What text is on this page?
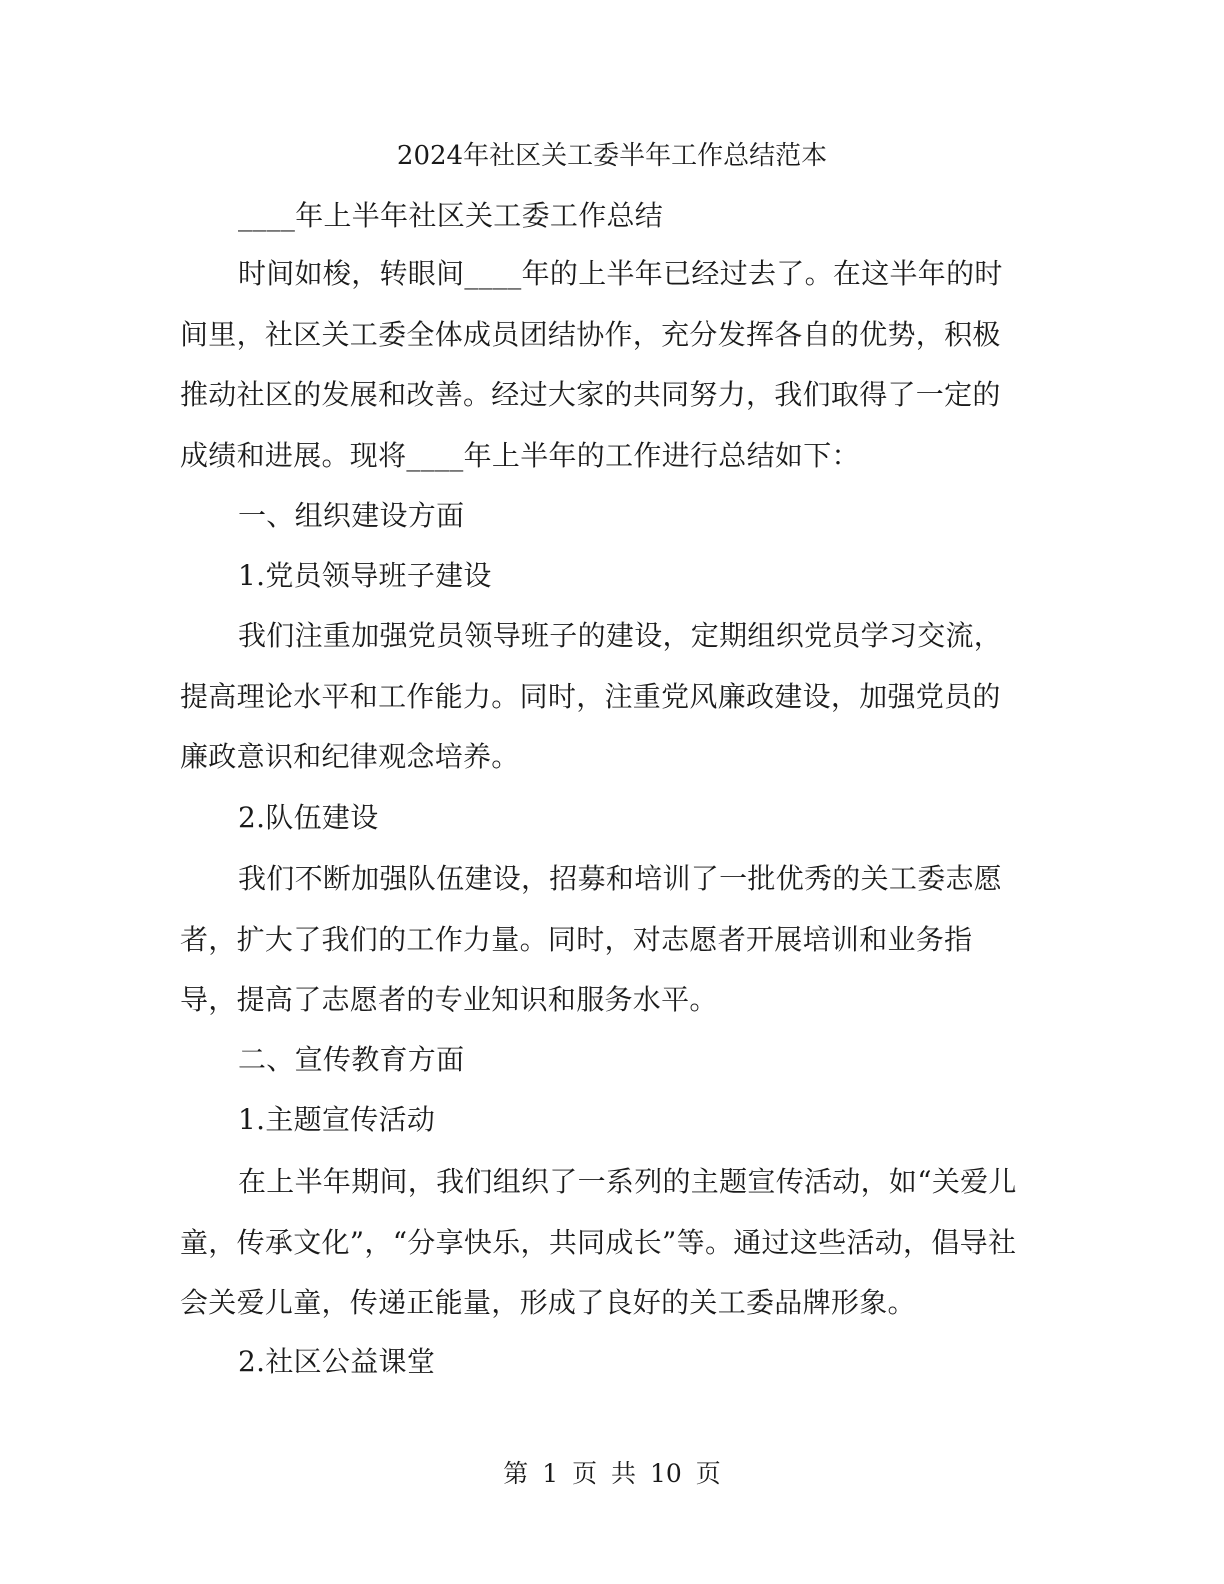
2024年社区关工委半年工作总结范本
____年上半年社区关工委工作总结

时间如梭，转眼间____年的上半年已经过去了。在这半年的时间里，社区关工委全体成员团结协作，充分发挥各自的优势，积极推动社区的发展和改善。经过大家的共同努力，我们取得了一定的成绩和进展。现将____年上半年的工作进行总结如下：

一、组织建设方面
1.党员领导班子建设

我们注重加强党员领导班子的建设，定期组织党员学习交流，提高理论水平和工作能力。同时，注重党风廉政建设，加强党员的廉政意识和纪律观念培养。

2.队伍建设

我们不断加强队伍建设，招募和培训了一批优秀的关工委志愿者，扩大了我们的工作力量。同时，对志愿者开展培训和业务指导，提高了志愿者的专业知识和服务水平。

二、宣传教育方面
1.主题宣传活动

在上半年期间，我们组织了一系列的主题宣传活动，如“关爱儿童，传承文化”，“分享快乐，共同成长”等。通过这些活动，倡导社会关爱儿童，传递正能量，形成了良好的关工委品牌形象。

2.社区公益课堂
第 1 页 共 10 页
